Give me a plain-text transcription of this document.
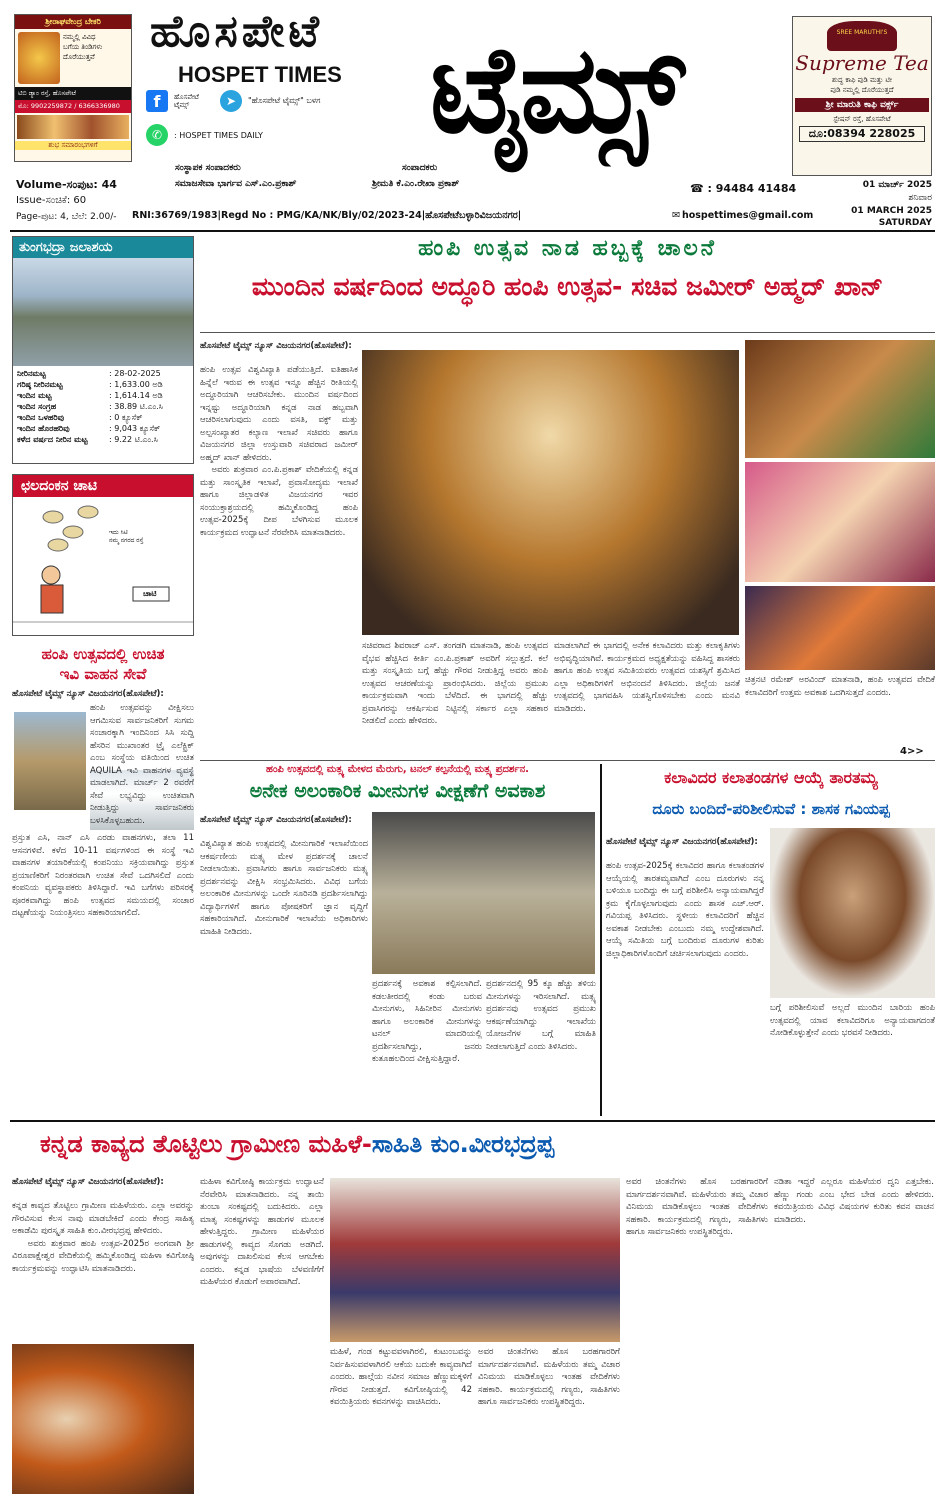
ಶ್ರೀರಾಘವೇಂದ್ರ ಬೇಕರಿ
ನಮ್ಮಲ್ಲಿ ವಿವಿಧ
ಬಗೆಯ ತಿಂಡಿಗಳು
ದೊರೆಯುತ್ತವೆ
ಟಿಬಿ ಡ್ಯಾಂ ರಸ್ತೆ, ಹೊಸಪೇಟೆ
ಮೊ: 9902259872 / 6366336980
ಶುಭ ಸಮಾರಂಭಗಳಿಗೆ
ಹೊಸಪೇಟೆ
HOSPET TIMES
f	ಹೊಸಪೇಟೆ ಟೈಮ್ಸ್	➤	"ಹೊಸಪೇಟೆ ಟೈಮ್ಸ್" ಬಳಗ
✆	: HOSPET TIMES DAILY ಟೈಮ್ಸ್	SREE MARUTHI'S
Supreme Tea
ಶುದ್ಧ ಕಾಫಿ ಪುಡಿ ಮತ್ತು ಟೀ
ಪುಡಿ ನಮ್ಮಲ್ಲಿ ದೊರೆಯುತ್ತದೆ
ಶ್ರೀ ಮಾರುತಿ ಕಾಫಿ ವರ್ಕ್ಸ್
ಸ್ಟೇಷನ್ ರಸ್ತೆ, ಹೊಸಪೇಟೆ
ದೂ:08394 228025
ಸಂಸ್ಥಾಪಕ ಸಂಪಾದಕರು
ಸಮಾಜಸೇವಾ ಭಾರ್ಗವ ಎಸ್.ಎಂ.ಪ್ರಕಾಶ್
ಸಂಪಾದಕರು
ಶ್ರೀಮತಿ ಕೆ.ಎಂ.ರೇಖಾ ಪ್ರಕಾಶ್	☎ : 94484 41484
Volume-ಸಂಪುಟ: 44
Issue-ಸಂಚಿಕೆ: 60
Page-ಪುಟ: 4, ಬೆಲೆ: 2.00/- RNI:36769/1983|Regd No : PMG/KA/NK/Bly/02/2023-24|ಹೊಸಪೇಟೆಬಳ್ಳಾರಿವಿಜಯನಗರ|	✉ hospettimes@gmail.com
01 ಮಾರ್ಚ್ 2025
ಶನಿವಾರ
01 MARCH 2025
SATURDAY
ತುಂಗಭದ್ರಾ ಜಲಾಶಯ
ನೀರಿನಮಟ್ಟ	: 28-02-2025
ಗರಿಷ್ಠ ನೀರಿನಮಟ್ಟ	: 1,633.00 ಅಡಿ
ಇಂದಿನ ಮಟ್ಟ	: 1,614.14 ಅಡಿ
ಇಂದಿನ ಸಂಗ್ರಹ	: 38.89 ಟಿ.ಎಂ.ಸಿ
ಇಂದಿನ ಒಳಹರಿವು	: 0 ಕ್ಯೂಸೆಕ್
ಇಂದಿನ ಹೊರಹರಿವು	: 9,043 ಕ್ಯೂಸೆಕ್
ಕಳೆದ ವರ್ಷದ ನೀರಿನ ಮಟ್ಟ	: 9.22 ಟಿ.ಎಂ.ಸಿ
ಛಲದಂಕನ ಚಾಟಿ
ಇದು ಸಿಟಿ
ನಮ್ಮ ನಗರದ ರಸ್ತೆ
ಚಾಟಿ
ಹಂಪಿ ಉತ್ಸವದಲ್ಲಿ ಉಚಿತ
ಇವಿ ವಾಹನ ಸೇವೆ
ಹೊಸಪೇಟೆ ಟೈಮ್ಸ್ ನ್ಯೂಸ್ ವಿಜಯನಗರ(ಹೊಸಪೇಟೆ):
ಹಂಪಿ ಉತ್ಸವವನ್ನು ವೀಕ್ಷಿಸಲು ಆಗಮಿಸುವ ಸಾರ್ವಜನಿಕರಿಗೆ ಸುಗಮ ಸಂಚಾರಕ್ಕಾಗಿ ಇಂದಿನಿಂದ ಸಿಸಿ ಸುದ್ದಿ ಹೆಸರಿನ ಮುಖಾಂತರ ಟ್ರೈ ಎಲೆಕ್ಟ್ರಿಕ್ ಎಂಬ ಸಂಸ್ಥೆಯ ವತಿಯಿಂದ ಉಚಿತ AQUILA ಇವಿ ವಾಹನಗಳ ವ್ಯವಸ್ಥೆ ಮಾಡಲಾಗಿದೆ. ಮಾರ್ಚ್ 2 ರವರೆಗೆ ಸೇವೆ ಲಭ್ಯವಿದ್ದು ಉಚಿತವಾಗಿ ನೀಡುತ್ತಿದ್ದು ಸಾರ್ವಜನಿಕರು ಬಳಸಿಕೊಳ್ಳಬಹುದು.
ಪ್ರಸ್ತುತ ಎಸಿ, ನಾನ್ ಎಸಿ ಎರಡು ವಾಹನಗಳು, ತಲಾ 11 ಆಸನಗಳಿವೆ. ಕಳೆದ 10-11 ವರ್ಷಗಳಿಂದ ಈ ಸಂಸ್ಥೆ ಇವಿ ವಾಹನಗಳ ತಯಾರಿಕೆಯಲ್ಲಿ ಕಂಪನಿಯು ಸಕ್ರಿಯವಾಗಿದ್ದು ಪ್ರಸ್ತುತ ಪ್ರಯಾಣಿಕರಿಗೆ ನಿರಂತರವಾಗಿ ಉಚಿತ ಸೇವೆ ಒದಗಿಸಲಿದೆ ಎಂದು ಕಂಪನಿಯ ವ್ಯವಸ್ಥಾಪಕರು ತಿಳಿಸಿದ್ದಾರೆ. ಇವಿ ಬಗೆಗಳು ಪರಿಸರಕ್ಕೆ ಪೂರಕವಾಗಿದ್ದು ಹಂಪಿ ಉತ್ಸವದ ಸಮಯದಲ್ಲಿ ಸಂಚಾರ ದಟ್ಟಣೆಯನ್ನು ನಿಯಂತ್ರಿಸಲು ಸಹಕಾರಿಯಾಗಲಿದೆ.
ಹಂಪಿ ಉತ್ಸವ ನಾಡ ಹಬ್ಬಕ್ಕೆ ಚಾಲನೆ
ಮುಂದಿನ ವರ್ಷದಿಂದ ಅದ್ಧೂರಿ ಹಂಪಿ ಉತ್ಸವ- ಸಚಿವ ಜಮೀರ್ ಅಹ್ಮದ್ ಖಾನ್
ಹೊಸಪೇಟೆ ಟೈಮ್ಸ್ ನ್ಯೂಸ್ ವಿಜಯನಗರ(ಹೊಸಪೇಟೆ):
ಹಂಪಿ ಉತ್ಸವ ವಿಶ್ವವಿಖ್ಯಾತಿ ಪಡೆಯುತ್ತಿದೆ. ಐತಿಹಾಸಿಕ ಹಿನ್ನೆಲೆ ಇರುವ ಈ ಉತ್ಸವ ಇನ್ನೂ ಹೆಚ್ಚಿನ ರೀತಿಯಲ್ಲಿ ಅದ್ಧೂರಿಯಾಗಿ ಆಚರಿಸಬೇಕು. ಮುಂದಿನ ವರ್ಷದಿಂದ ಇನ್ನಷ್ಟು ಅದ್ಧೂರಿಯಾಗಿ ಕನ್ನಡ ನಾಡ ಹಬ್ಬವಾಗಿ ಆಚರಿಸಲಾಗುವುದು ಎಂದು ವಸತಿ, ವಕ್ಫ್ ಮತ್ತು ಅಲ್ಪಸಂಖ್ಯಾತರ ಕಲ್ಯಾಣ ಇಲಾಖೆ ಸಚಿವರು ಹಾಗೂ ವಿಜಯನಗರ ಜಿಲ್ಲಾ ಉಸ್ತುವಾರಿ ಸಚಿವರಾದ ಜಮೀರ್ ಅಹ್ಮದ್ ಖಾನ್ ಹೇಳಿದರು.
ಅವರು ಶುಕ್ರವಾರ ಎಂ.ಪಿ.ಪ್ರಕಾಶ್ ವೇದಿಕೆಯಲ್ಲಿ ಕನ್ನಡ ಮತ್ತು ಸಾಂಸ್ಕೃತಿಕ ಇಲಾಖೆ, ಪ್ರವಾಸೋದ್ಯಮ ಇಲಾಖೆ ಹಾಗೂ ಜಿಲ್ಲಾಡಳಿತ ವಿಜಯನಗರ ಇವರ ಸಂಯುಕ್ತಾಶ್ರಯದಲ್ಲಿ ಹಮ್ಮಿಕೊಂಡಿದ್ದ ಹಂಪಿ ಉತ್ಸವ-2025ಕ್ಕೆ ದೀಪ ಬೆಳಗಿಸುವ ಮೂಲಕ ಕಾರ್ಯಕ್ರಮದ ಉದ್ಘಾಟನೆ ನೆರವೇರಿಸಿ ಮಾತನಾಡಿದರು.
ಸಚಿವರಾದ ಶಿವರಾಜ್ ಎಸ್. ತಂಗಡಗಿ ಮಾತನಾಡಿ, ಹಂಪಿ ಉತ್ಸವದ ವೈಭವ ಹೆಚ್ಚಿಸಿದ ಕೀರ್ತಿ ಎಂ.ಪಿ.ಪ್ರಕಾಶ್ ಅವರಿಗೆ ಸಲ್ಲುತ್ತದೆ. ಕಲೆ ಮತ್ತು ಸಂಸ್ಕೃತಿಯ ಬಗ್ಗೆ ಹೆಚ್ಚು ಗೌರವ ನೀಡುತ್ತಿದ್ದ ಅವರು ಹಂಪಿ ಉತ್ಸವದ ಆಚರಣೆಯನ್ನು ಪ್ರಾರಂಭಿಸಿದರು. ಜಿಲ್ಲೆಯ ಪ್ರಮುಖ ಕಾರ್ಯಕ್ರಮವಾಗಿ ಇಂದು ಬೆಳೆದಿದೆ. ಈ ಭಾಗದಲ್ಲಿ ಹೆಚ್ಚು ಪ್ರವಾಸಿಗರನ್ನು ಆಕರ್ಷಿಸುವ ನಿಟ್ಟಿನಲ್ಲಿ ಸರ್ಕಾರ ಎಲ್ಲಾ ಸಹಕಾರ ನೀಡಲಿದೆ ಎಂದು ಹೇಳಿದರು.
ಮಾಡಲಾಗಿದೆ ಈ ಭಾಗದಲ್ಲಿ ಅನೇಕ ಕಲಾವಿದರು ಮತ್ತು ಕಲಾಕೃತಿಗಳು ಅಭಿವೃದ್ಧಿಯಾಗಿವೆ. ಕಾರ್ಯಕ್ರಮದ ಅಧ್ಯಕ್ಷತೆಯನ್ನು ವಹಿಸಿದ್ದ ಶಾಸಕರು ಹಾಗೂ ಹಂಪಿ ಉತ್ಸವ ಸಮಿತಿಯವರು ಉತ್ಸವದ ಯಶಸ್ಸಿಗೆ ಶ್ರಮಿಸಿದ ಎಲ್ಲಾ ಅಧಿಕಾರಿಗಳಿಗೆ ಅಭಿನಂದನೆ ತಿಳಿಸಿದರು. ಜಿಲ್ಲೆಯ ಜನತೆ ಉತ್ಸವದಲ್ಲಿ ಭಾಗವಹಿಸಿ ಯಶಸ್ವಿಗೊಳಿಸಬೇಕು ಎಂದು ಮನವಿ ಮಾಡಿದರು.
ಚಿತ್ರನಟಿ ರಮೇಶ್ ಅರವಿಂದ್ ಮಾತನಾಡಿ, ಹಂಪಿ ಉತ್ಸವದ ವೇದಿಕೆ ಕಲಾವಿದರಿಗೆ ಉತ್ತಮ ಅವಕಾಶ ಒದಗಿಸುತ್ತದೆ ಎಂದರು.
4>>
ಹಂಪಿ ಉತ್ಸವದಲ್ಲಿ ಮತ್ಸ್ಯ ಮೇಳದ ಮೆರುಗು, ಟನಲ್ ಕಲ್ಪನೆಯಲ್ಲಿ ಮತ್ಸ್ಯ ಪ್ರದರ್ಶನ.
ಅನೇಕ ಅಲಂಕಾರಿಕ ಮೀನುಗಳ ವೀಕ್ಷಣೆಗೆ ಅವಕಾಶ
ಹೊಸಪೇಟೆ ಟೈಮ್ಸ್ ನ್ಯೂಸ್ ವಿಜಯನಗರ(ಹೊಸಪೇಟೆ):
ವಿಶ್ವವಿಖ್ಯಾತ ಹಂಪಿ ಉತ್ಸವದಲ್ಲಿ ಮೀನುಗಾರಿಕೆ ಇಲಾಖೆಯಿಂದ ಆಕರ್ಷಣೀಯ ಮತ್ಸ್ಯ ಮೇಳ ಪ್ರದರ್ಶನಕ್ಕೆ ಚಾಲನೆ ನೀಡಲಾಯಿತು. ಪ್ರವಾಸಿಗರು ಹಾಗೂ ಸಾರ್ವಜನಿಕರು ಮತ್ಸ್ಯ ಪ್ರದರ್ಶನವನ್ನು ವೀಕ್ಷಿಸಿ ಸಂಭ್ರಮಿಸಿದರು. ವಿವಿಧ ಬಗೆಯ ಅಲಂಕಾರಿಕ ಮೀನುಗಳನ್ನು ಒಂದೇ ಸೂರಿನಡಿ ಪ್ರದರ್ಶಿಸಲಾಗಿದ್ದು ವಿದ್ಯಾರ್ಥಿಗಳಿಗೆ ಹಾಗೂ ಪೋಷಕರಿಗೆ ಜ್ಞಾನ ವೃದ್ಧಿಗೆ ಸಹಕಾರಿಯಾಗಿದೆ. ಮೀನುಗಾರಿಕೆ ಇಲಾಖೆಯ ಅಧಿಕಾರಿಗಳು ಮಾಹಿತಿ ನೀಡಿದರು.
ಪ್ರದರ್ಶನಕ್ಕೆ ಅವಕಾಶ ಕಲ್ಪಿಸಲಾಗಿದೆ. ಕಡಲತೀರದಲ್ಲಿ ಕಂಡು ಬರುವ ಮೀನುಗಳು, ಸಿಹಿನೀರಿನ ಮೀನುಗಳು ಹಾಗೂ ಅಲಂಕಾರಿಕ ಮೀನುಗಳನ್ನು ಟನಲ್ ಮಾದರಿಯಲ್ಲಿ ಪ್ರದರ್ಶಿಸಲಾಗಿದ್ದು, ಜನರು ಕುತೂಹಲದಿಂದ ವೀಕ್ಷಿಸುತ್ತಿದ್ದಾರೆ.
ಪ್ರದರ್ಶನದಲ್ಲಿ 95 ಕ್ಕೂ ಹೆಚ್ಚು ತಳಿಯ ಮೀನುಗಳನ್ನು ಇರಿಸಲಾಗಿದೆ. ಮತ್ಸ್ಯ ಪ್ರದರ್ಶನವು ಉತ್ಸವದ ಪ್ರಮುಖ ಆಕರ್ಷಣೆಯಾಗಿದ್ದು ಇಲಾಖೆಯ ಯೋಜನೆಗಳ ಬಗ್ಗೆ ಮಾಹಿತಿ ನೀಡಲಾಗುತ್ತಿದೆ ಎಂದು ತಿಳಿಸಿದರು.
ಕಲಾವಿದರ ಕಲಾತಂಡಗಳ ಆಯ್ಕೆ ತಾರತಮ್ಯ
ದೂರು ಬಂದಿದೆ-ಪರಿಶೀಲಿಸುವೆ : ಶಾಸಕ ಗವಿಯಪ್ಪ
ಹೊಸಪೇಟೆ ಟೈಮ್ಸ್ ನ್ಯೂಸ್ ವಿಜಯನಗರ(ಹೊಸಪೇಟೆ):
ಹಂಪಿ ಉತ್ಸವ-2025ಕ್ಕೆ ಕಲಾವಿದರ ಹಾಗೂ ಕಲಾತಂಡಗಳ ಆಯ್ಕೆಯಲ್ಲಿ ತಾರತಮ್ಯವಾಗಿದೆ ಎಂಬ ದೂರುಗಳು ನನ್ನ ಬಳಿಯೂ ಬಂದಿದ್ದು ಈ ಬಗ್ಗೆ ಪರಿಶೀಲಿಸಿ ಅನ್ಯಾಯವಾಗಿದ್ದರೆ ಕ್ರಮ ಕೈಗೊಳ್ಳಲಾಗುವುದು ಎಂದು ಶಾಸಕ ಎಚ್.ಆರ್. ಗವಿಯಪ್ಪ ತಿಳಿಸಿದರು. ಸ್ಥಳೀಯ ಕಲಾವಿದರಿಗೆ ಹೆಚ್ಚಿನ ಅವಕಾಶ ನೀಡಬೇಕು ಎಂಬುದು ನಮ್ಮ ಉದ್ದೇಶವಾಗಿದೆ. ಆಯ್ಕೆ ಸಮಿತಿಯ ಬಗ್ಗೆ ಬಂದಿರುವ ದೂರುಗಳ ಕುರಿತು ಜಿಲ್ಲಾಧಿಕಾರಿಗಳೊಂದಿಗೆ ಚರ್ಚಿಸಲಾಗುವುದು ಎಂದರು.
ಬಗ್ಗೆ ಪರಿಶೀಲಿಸುವೆ ಅಲ್ಲದೆ ಮುಂದಿನ ಬಾರಿಯ ಹಂಪಿ ಉತ್ಸವದಲ್ಲಿ ಯಾವ ಕಲಾವಿದರಿಗೂ ಅನ್ಯಾಯವಾಗದಂತೆ ನೋಡಿಕೊಳ್ಳುತ್ತೇನೆ ಎಂದು ಭರವಸೆ ನೀಡಿದರು.
ಕನ್ನಡ ಕಾವ್ಯದ ತೊಟ್ಟಿಲು ಗ್ರಾಮೀಣ ಮಹಿಳೆ-ಸಾಹಿತಿ ಕುಂ.ವೀರಭದ್ರಪ್ಪ
ಹೊಸಪೇಟೆ ಟೈಮ್ಸ್ ನ್ಯೂಸ್ ವಿಜಯನಗರ(ಹೊಸಪೇಟೆ):
ಕನ್ನಡ ಕಾವ್ಯದ ತೊಟ್ಟಿಲು ಗ್ರಾಮೀಣ ಮಹಿಳೆಯರು. ಎಲ್ಲಾ ಅವರನ್ನು ಗೌರವಿಸುವ ಕೆಲಸ ನಾವು ಮಾಡಬೇಕಿದೆ ಎಂದು ಕೇಂದ್ರ ಸಾಹಿತ್ಯ ಅಕಾಡೆಮಿ ಪುರಸ್ಕೃತ ಸಾಹಿತಿ ಕುಂ.ವೀರಭದ್ರಪ್ಪ ಹೇಳಿದರು.
ಅವರು ಶುಕ್ರವಾರ ಹಂಪಿ ಉತ್ಸವ-2025ರ ಅಂಗವಾಗಿ ಶ್ರೀ ವಿರೂಪಾಕ್ಷೇಶ್ವರ ವೇದಿಕೆಯಲ್ಲಿ ಹಮ್ಮಿಕೊಂಡಿದ್ದ ಮಹಿಳಾ ಕವಿಗೋಷ್ಠಿ ಕಾರ್ಯಕ್ರಮವನ್ನು ಉದ್ಘಾಟಿಸಿ ಮಾತನಾಡಿದರು.
ಮಹಿಳಾ ಕವಿಗೋಷ್ಠಿ ಕಾರ್ಯಕ್ರಮ ಉದ್ಘಾಟನೆ ನೆರವೇರಿಸಿ ಮಾತನಾಡಿದರು. ನನ್ನ ತಾಯಿ ತುಂಬಾ ಸಂಕಷ್ಟದಲ್ಲಿ ಬದುಕಿದರು. ಎಲ್ಲಾ ಮಾತೃ ಸಂಕಷ್ಟಗಳನ್ನು ಹಾಡುಗಳ ಮೂಲಕ ಹೇಳುತ್ತಿದ್ದರು. ಗ್ರಾಮೀಣ ಮಹಿಳೆಯರ ಹಾಡುಗಳಲ್ಲಿ ಕಾವ್ಯದ ಸೊಗಡು ಅಡಗಿದೆ. ಅವುಗಳನ್ನು ದಾಖಲಿಸುವ ಕೆಲಸ ಆಗಬೇಕು ಎಂದರು. ಕನ್ನಡ ಭಾಷೆಯ ಬೆಳವಣಿಗೆಗೆ ಮಹಿಳೆಯರ ಕೊಡುಗೆ ಅಪಾರವಾಗಿದೆ.
ಮಹಿಳೆ, ಗಂಡ ಕಟ್ಟುವವಳಾಗಿರಲಿ, ಕುಟುಂಬವನ್ನು ನಿರ್ವಹಿಸುವವಳಾಗಿರಲಿ ಆಕೆಯ ಬದುಕೇ ಕಾವ್ಯವಾಗಿದೆ ಎಂದರು. ಹಾಲ್ಗೆಯ ನವೀನ ಸಮಾಜ ಹೆಣ್ಣುಮಕ್ಕಳಿಗೆ ಗೌರವ ನೀಡುತ್ತದೆ. ಕವಿಗೋಷ್ಠಿಯಲ್ಲಿ 42 ಕವಯಿತ್ರಿಯರು ಕವನಗಳನ್ನು ವಾಚಿಸಿದರು.
ಅವರ ಚಿಂತನೆಗಳು ಹೊಸ ಬರಹಗಾರರಿಗೆ ಮಾರ್ಗದರ್ಶನವಾಗಿವೆ. ಮಹಿಳೆಯರು ತಮ್ಮ ವಿಚಾರ ವಿನಿಮಯ ಮಾಡಿಕೊಳ್ಳಲು ಇಂತಹ ವೇದಿಕೆಗಳು ಸಹಕಾರಿ. ಕಾರ್ಯಕ್ರಮದಲ್ಲಿ ಗಣ್ಯರು, ಸಾಹಿತಿಗಳು ಹಾಗೂ ಸಾರ್ವಜನಿಕರು ಉಪಸ್ಥಿತರಿದ್ದರು.
ಅವರ ಚಿಂತನೆಗಳು ಹೊಸ ಬರಹಗಾರರಿಗೆ ಮಾರ್ಗದರ್ಶನವಾಗಿವೆ. ಮಹಿಳೆಯರು ತಮ್ಮ ವಿಚಾರ ವಿನಿಮಯ ಮಾಡಿಕೊಳ್ಳಲು ಇಂತಹ ವೇದಿಕೆಗಳು ಸಹಕಾರಿ. ಕಾರ್ಯಕ್ರಮದಲ್ಲಿ ಗಣ್ಯರು, ಸಾಹಿತಿಗಳು ಹಾಗೂ ಸಾರ್ವಜನಿಕರು ಉಪಸ್ಥಿತರಿದ್ದರು.
ನಡಿತಾ ಇದ್ದರೆ ಎಲ್ಲರೂ ಮಹಿಳೆಯರ ದ್ವನಿ ಎತ್ತಬೇಕು. ಹೆಣ್ಣು ಗಂಡು ಎಂಬ ಭೇದ ಬೇಡ ಎಂದು ಹೇಳಿದರು. ಕವಯಿತ್ರಿಯರು ವಿವಿಧ ವಿಷಯಗಳ ಕುರಿತು ಕವನ ವಾಚನ ಮಾಡಿದರು.
